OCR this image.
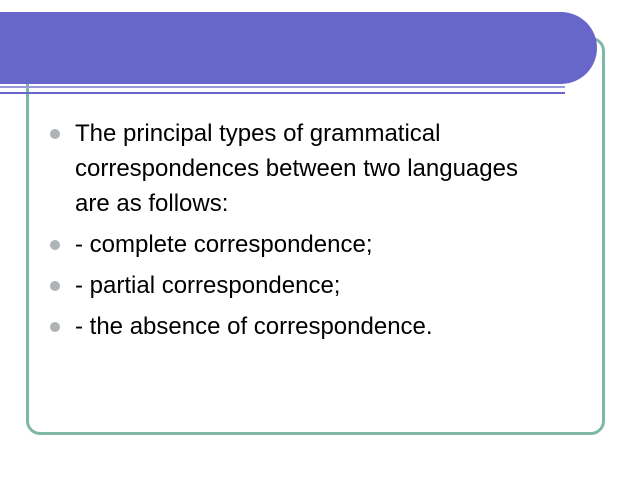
The principal types of grammatical correspondences between two languages are as follows:
- complete correspondence;
- partial correspondence;
- the absence of correspondence.
